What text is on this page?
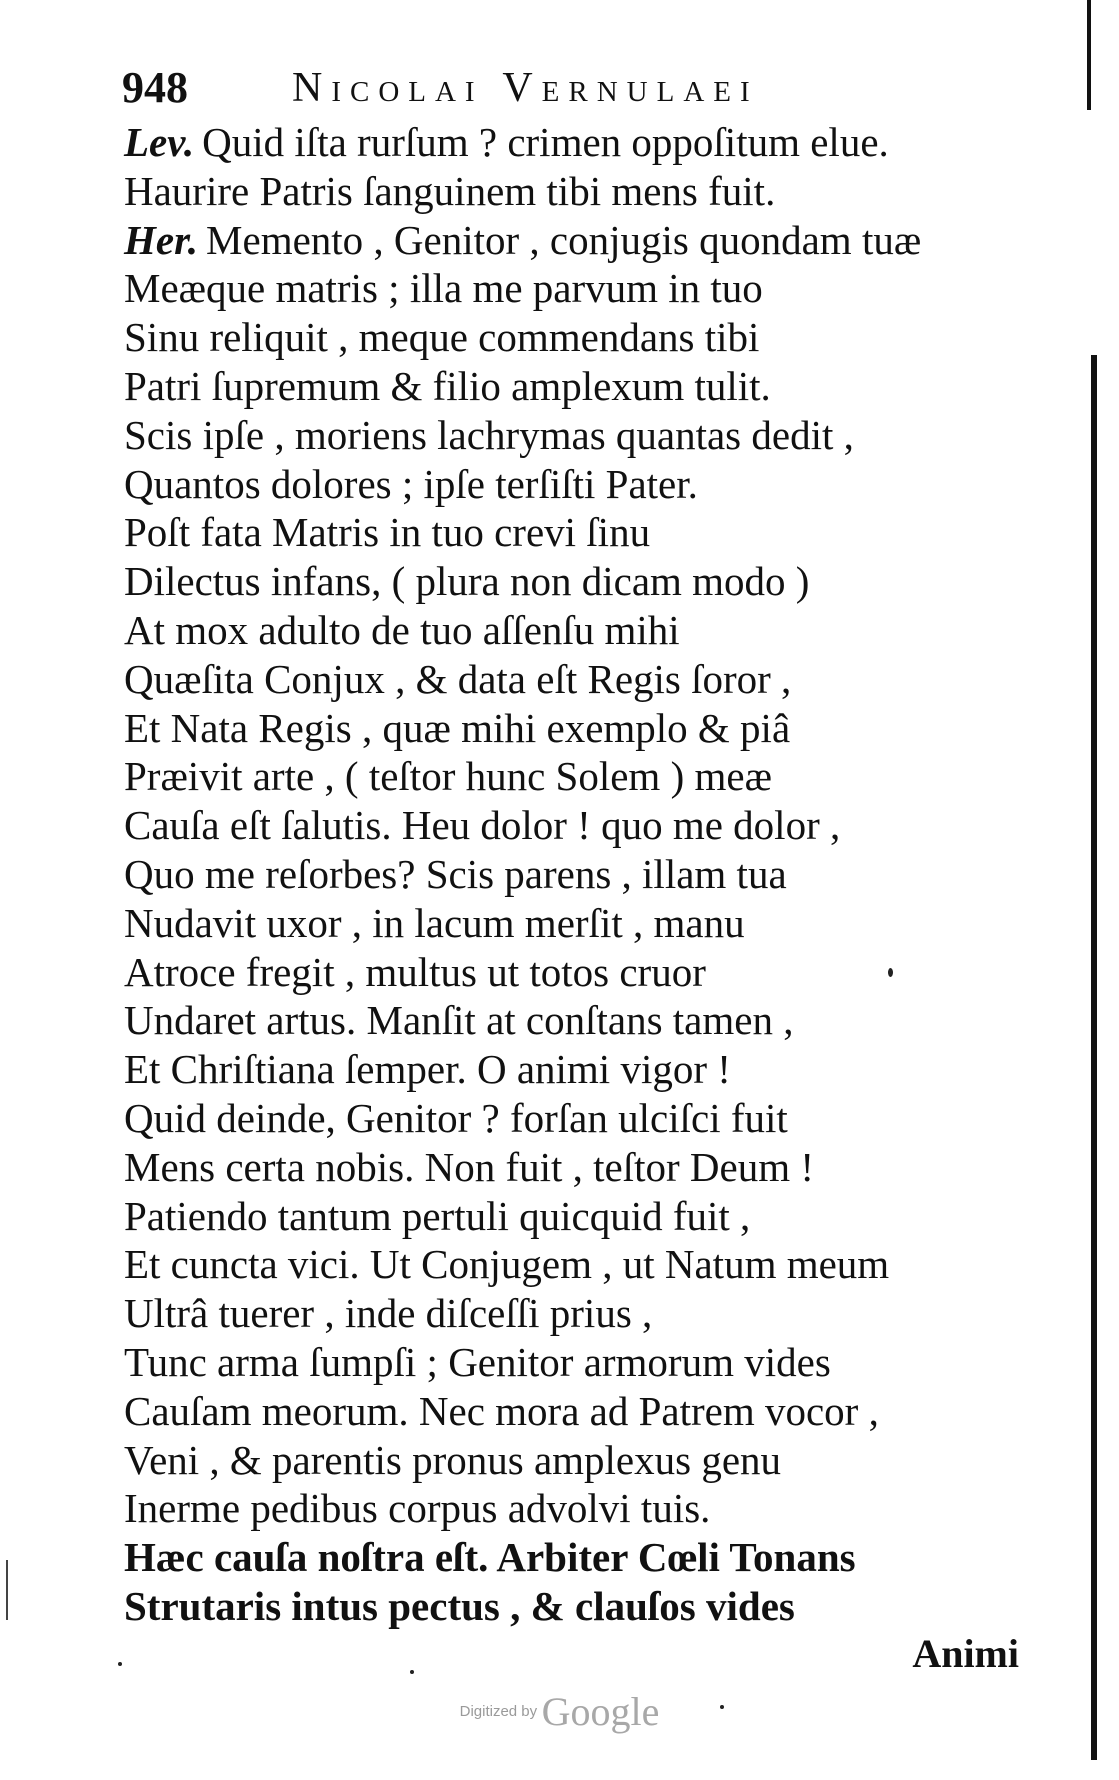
948 Nicolai Vernulaei
Lev. Quid iſta rurſum ? crimen oppoſitum elue.
Haurire Patris ſanguinem tibi mens fuit.
Her. Memento , Genitor , conjugis quondam tuæ
Meæque matris ; illa me parvum in tuo
Sinu reliquit , meque commendans tibi
Patri ſupremum & filio amplexum tulit.
Scis ipſe , moriens lachrymas quantas dedit ,
Quantos dolores ; ipſe terſiſti Pater.
Poſt fata Matris in tuo crevi ſinu
Dilectus infans, ( plura non dicam modo )
At mox adulto de tuo aſſenſu mihi
Quæſita Conjux , & data eſt Regis ſoror ,
Et Nata Regis , quæ mihi exemplo & piâ
Præivit arte , ( teſtor hunc Solem ) meæ
Cauſa eſt ſalutis. Heu dolor ! quo me dolor ,
Quo me reſorbes? Scis parens , illam tua
Nudavit uxor , in lacum merſit , manu
Atroce fregit , multus ut totos cruor
Undaret artus. Manſit at conſtans tamen ,
Et Chriſtiana ſemper. O animi vigor !
Quid deinde, Genitor ? forſan ulciſci fuit
Mens certa nobis. Non fuit , teſtor Deum !
Patiendo tantum pertuli quicquid fuit ,
Et cuncta vici. Ut Conjugem , ut Natum meum
Ultrâ tuerer , inde diſceſſi prius ,
Tunc arma ſumpſi ; Genitor armorum vides
Cauſam meorum. Nec mora ad Patrem vocor ,
Veni , & parentis pronus amplexus genu
Inerme pedibus corpus advolvi tuis.
Hæc cauſa noſtra eſt. Arbiter Cœli Tonans
Strutaris intus pectus , & clauſos vides
Animi
Digitized by Google
